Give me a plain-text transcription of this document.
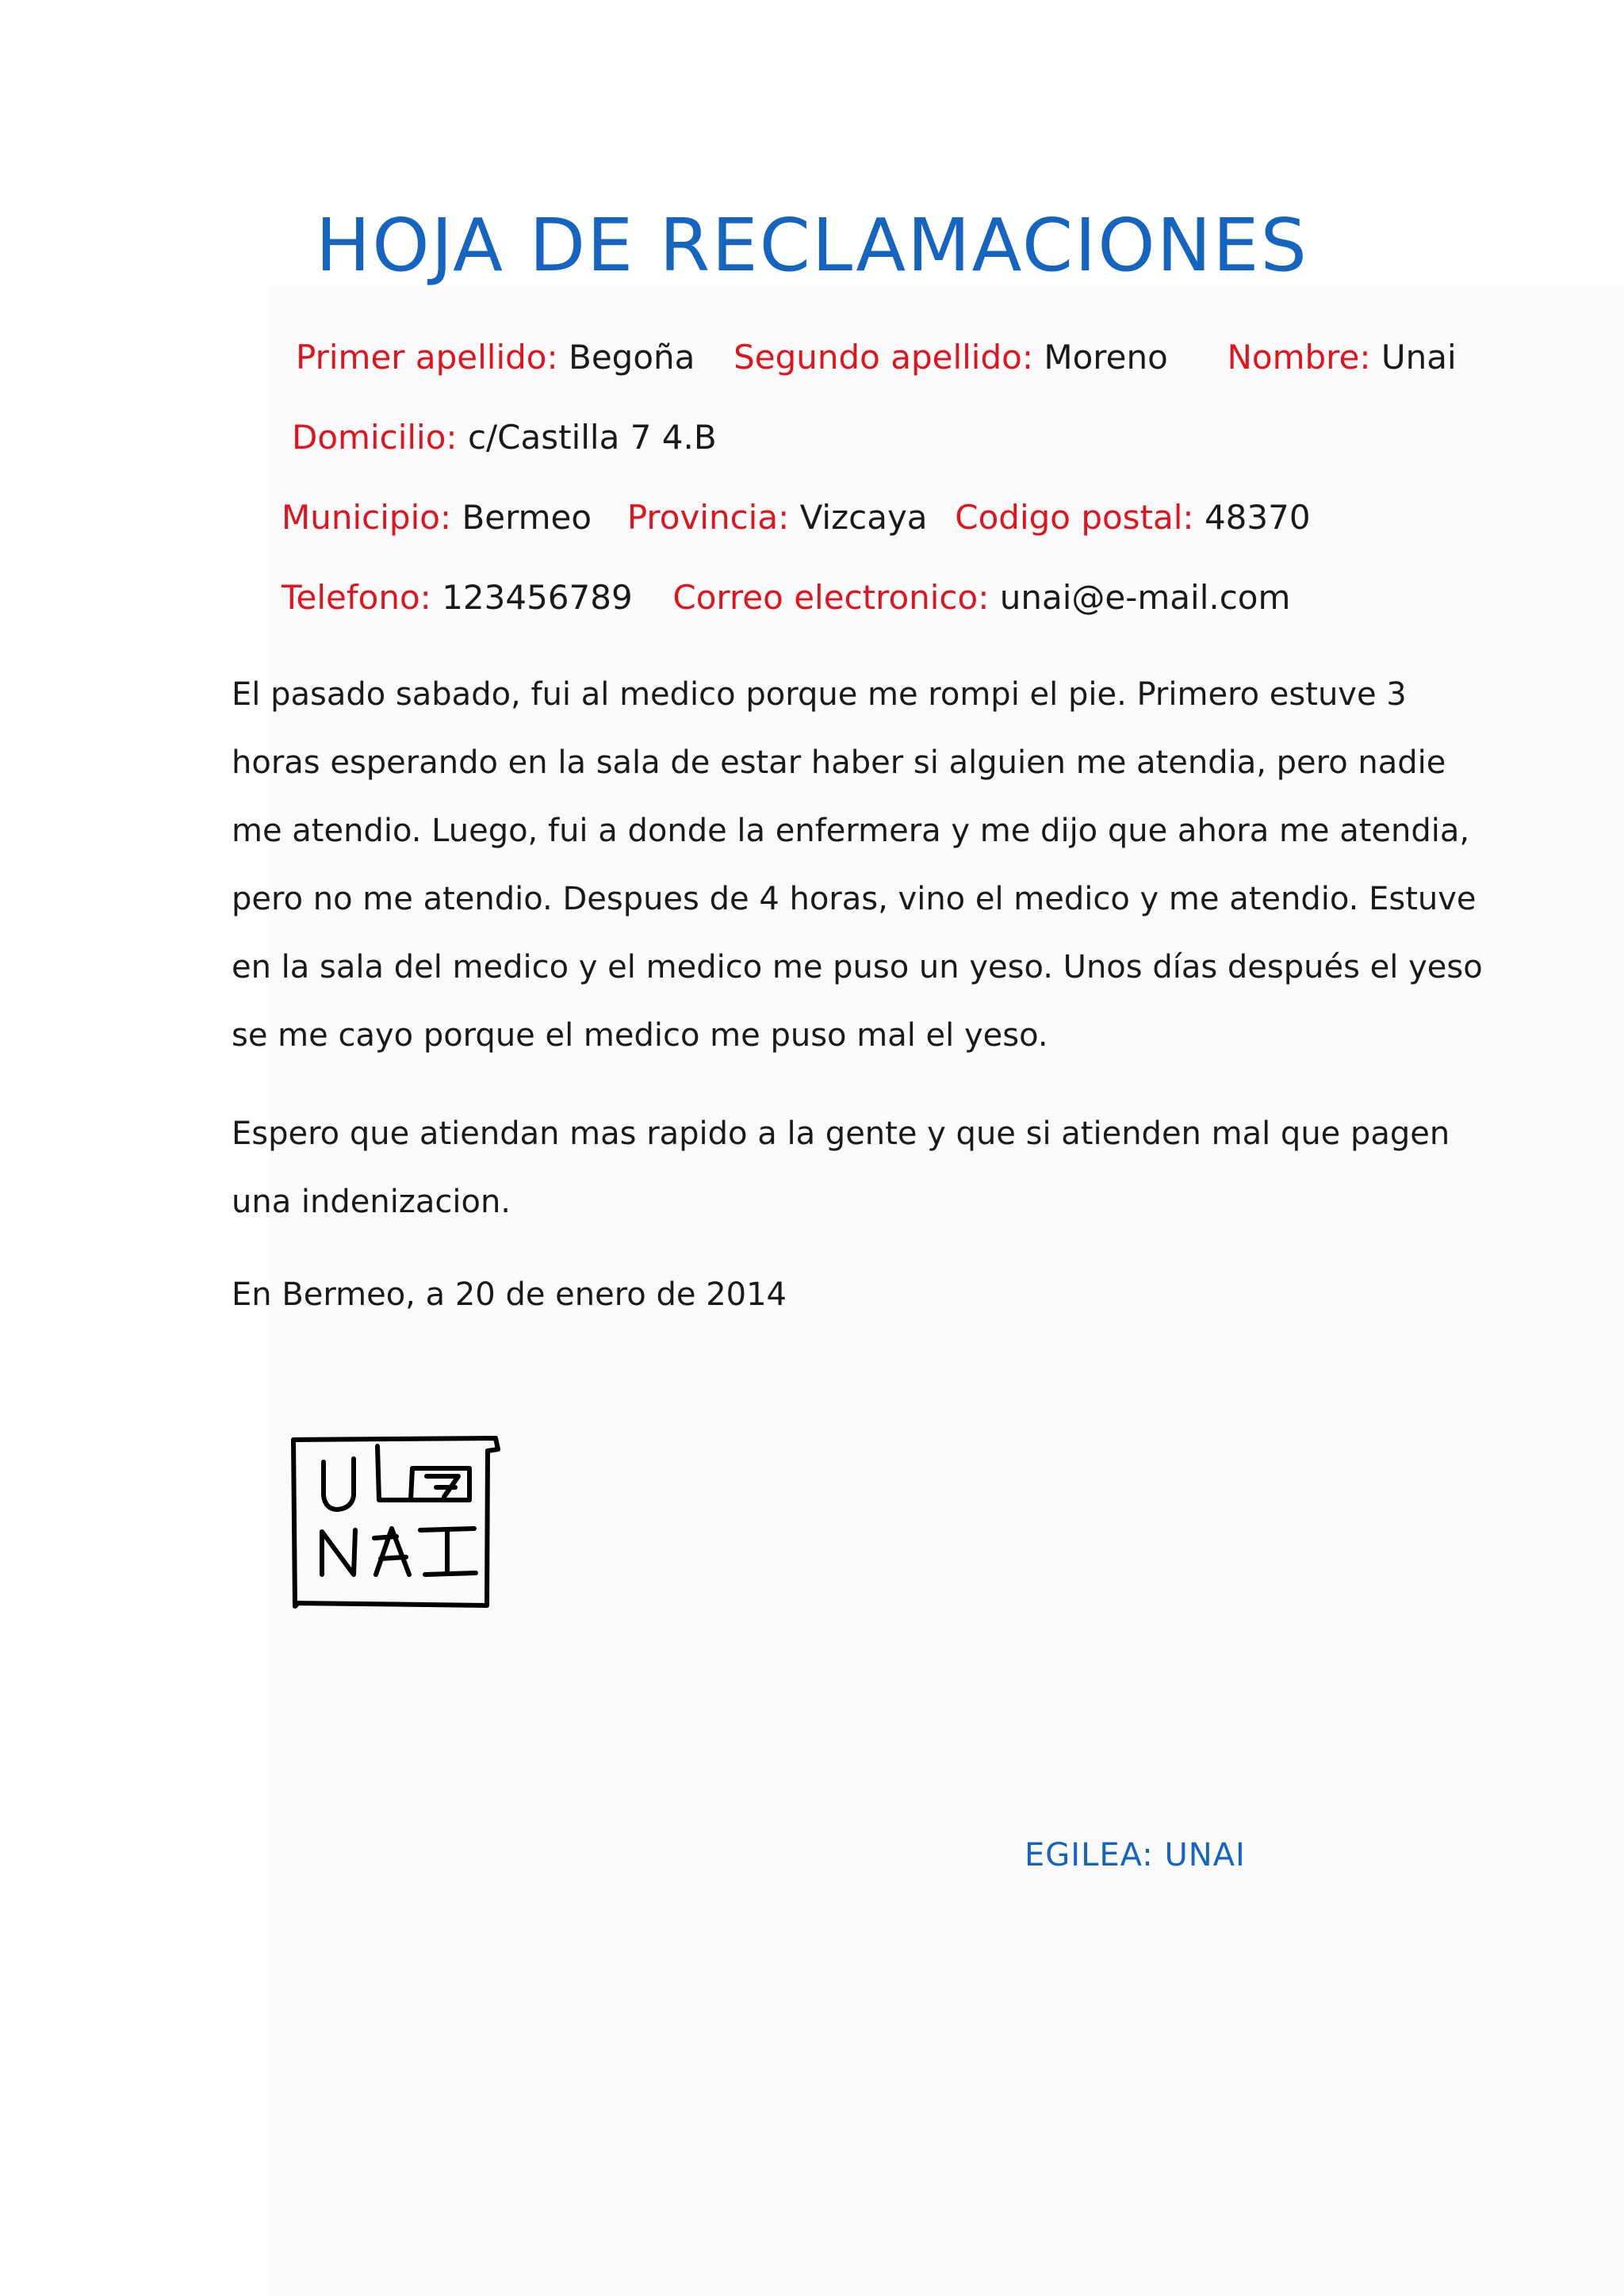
HOJA DE RECLAMACIONES
Primer apellido: Begoña Segundo apellido: Moreno Nombre: Unai
Domicilio: c/Castilla 7 4.B
Municipio: Bermeo Provincia: Vizcaya Codigo postal: 48370
Telefono: 123456789 Correo electronico: unai@e-mail.com

El pasado sabado, fui al medico porque me rompi el pie. Primero estuve 3
horas esperando en la sala de estar haber si alguien me atendia, pero nadie
me atendio. Luego, fui a donde la enfermera y me dijo que ahora me atendia,
pero no me atendio. Despues de 4 horas, vino el medico y me atendio. Estuve
en la sala del medico y el medico me puso un yeso. Unos días después el yeso
se me cayo porque el medico me puso mal el yeso.

Espero que atiendan mas rapido a la gente y que si atienden mal que pagen
una indenizacion.

En Bermeo, a 20 de enero de 2014
EGILEA: UNAI
